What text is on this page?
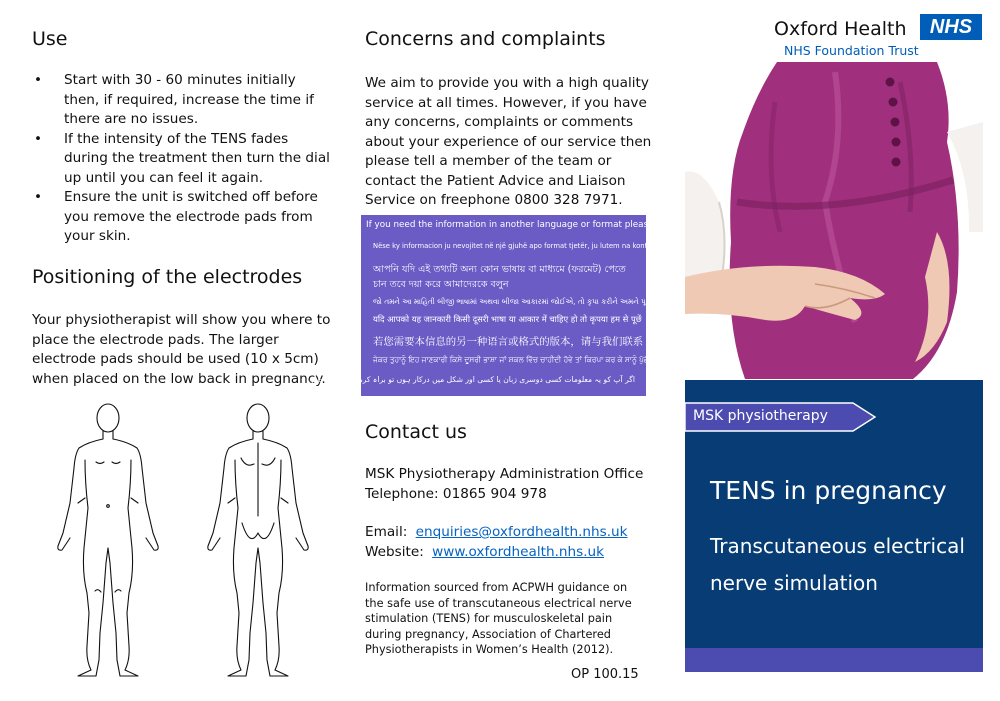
Use
• Start with 30 - 60 minutes initially then, if required, increase the time if there are no issues.
• If the intensity of the TENS fades during the treatment then turn the dial up until you can feel it again.
• Ensure the unit is switched off before you remove the electrode pads from your skin.
Positioning of the electrodes

Your physiotherapist will show you where to place the electrode pads. The larger electrode pads should be used (10 x 5cm) when placed on the low back in pregnancy.

Concerns and complaints

We aim to provide you with a high quality service at all times. However, if you have any concerns, complaints or comments about your experience of our service then please tell a member of the team or contact the Patient Advice and Liaison Service on freephone 0800 328 7971.

If you need the information in another language or format please ask us
Nëse ky informacion ju nevojitet në një gjuhë apo format tjetër, ju lutem na kontaktoni
আপনি যদি এই তথ্যটি অন্য কোন ভাষায় বা মাধ্যমে (ফরমেট) পেতে চান তবে দয়া করে আমাদেরকে বলুন
જો તમને આ માહિતી બીજી ભાષામાં અથવા બીજા આકારમાં જોઈએ, તો કૃપા કરીને અમને પૂછો
यदि आपको यह जानकारी किसी दूसरी भाषा या आकार में चाहिए हो तो कृपया हम से पूछें
若您需要本信息的另一种语言或格式的版本，请与我们联系
ਜੇਕਰ ਤੁਹਾਨੂੰ ਇਹ ਜਾਣਕਾਰੀ ਕਿਸੇ ਦੂਸਰੀ ਭਾਸ਼ਾ ਜਾਂ ਸ਼ਕਲ ਵਿੱਚ ਚਾਹੀਦੀ ਹੋਵੇ ਤਾਂ ਕਿਰਪਾ ਕਰ ਕੇ ਸਾਨੂੰ ਪੁੱਛੋ
اگر آپ کو یہ معلومات کسی دوسری زبان یا کسی اور شکل میں درکار ہوں تو براہ کرم ہم سے پوچھیں
Contact us
MSK Physiotherapy Administration Office
Telephone: 01865 904 978
Email: enquiries@oxfordhealth.nhs.uk
Website: www.oxfordhealth.nhs.uk

Information sourced from ACPWH guidance on the safe use of transcutaneous electrical nerve stimulation (TENS) for musculoskeletal pain during pregnancy, Association of Chartered Physiotherapists in Women’s Health (2012).

OP 100.15
Oxford Health	NHS
NHS Foundation Trust
MSK physiotherapy
TENS in pregnancy
Transcutaneous electrical nerve simulation
